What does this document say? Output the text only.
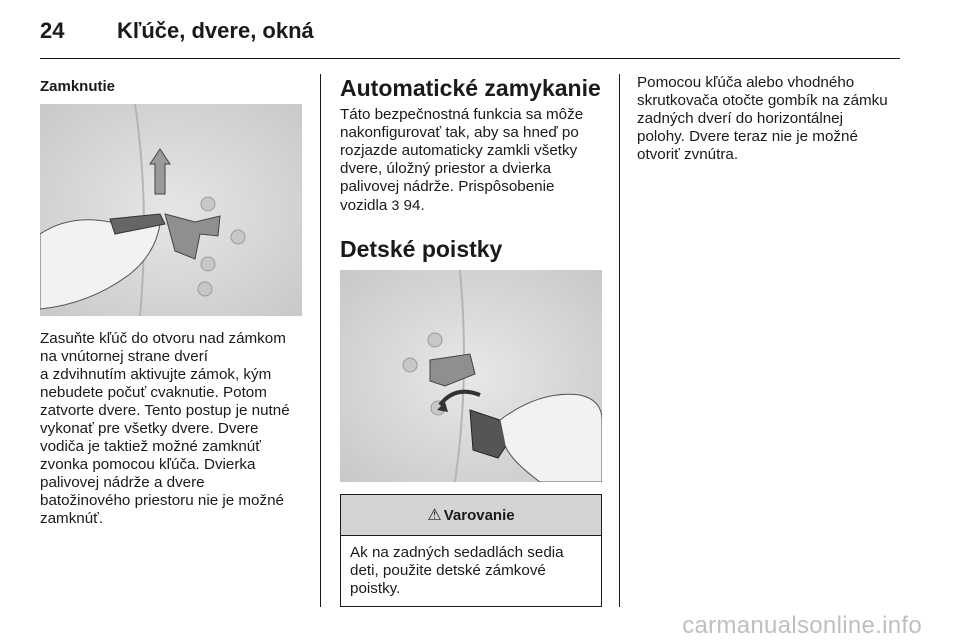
24 Kľúče, dvere, okná

Zamknutie

Zasuňte kľúč do otvoru nad zámkom
na vnútornej strane dverí
a zdvihnutím aktivujte zámok, kým
nebudete počuť cvaknutie. Potom
zatvorte dvere. Tento postup je nutné
vykonať pre všetky dvere. Dvere
vodiča je taktiež možné zamknúť
zvonka pomocou kľúča. Dvierka
palivovej nádrže a dvere
batožinového priestoru nie je možné
zamknúť.

Automatické zamykanie

Táto bezpečnostná funkcia sa môže
nakonfigurovať tak, aby sa hneď po
rozjazde automaticky zamkli všetky
dvere, úložný priestor a dvierka
palivovej nádrže. Prispôsobenie
vozidla 3 94.

Detské poistky

⚠ Varovanie
Ak na zadných sedadlách sedia
deti, použite detské zámkové
poistky.

Pomocou kľúča alebo vhodného
skrutkovača otočte gombík na zámku
zadných dverí do horizontálnej
polohy. Dvere teraz nie je možné
otvoriť zvnútra.

carmanualsonline.info
